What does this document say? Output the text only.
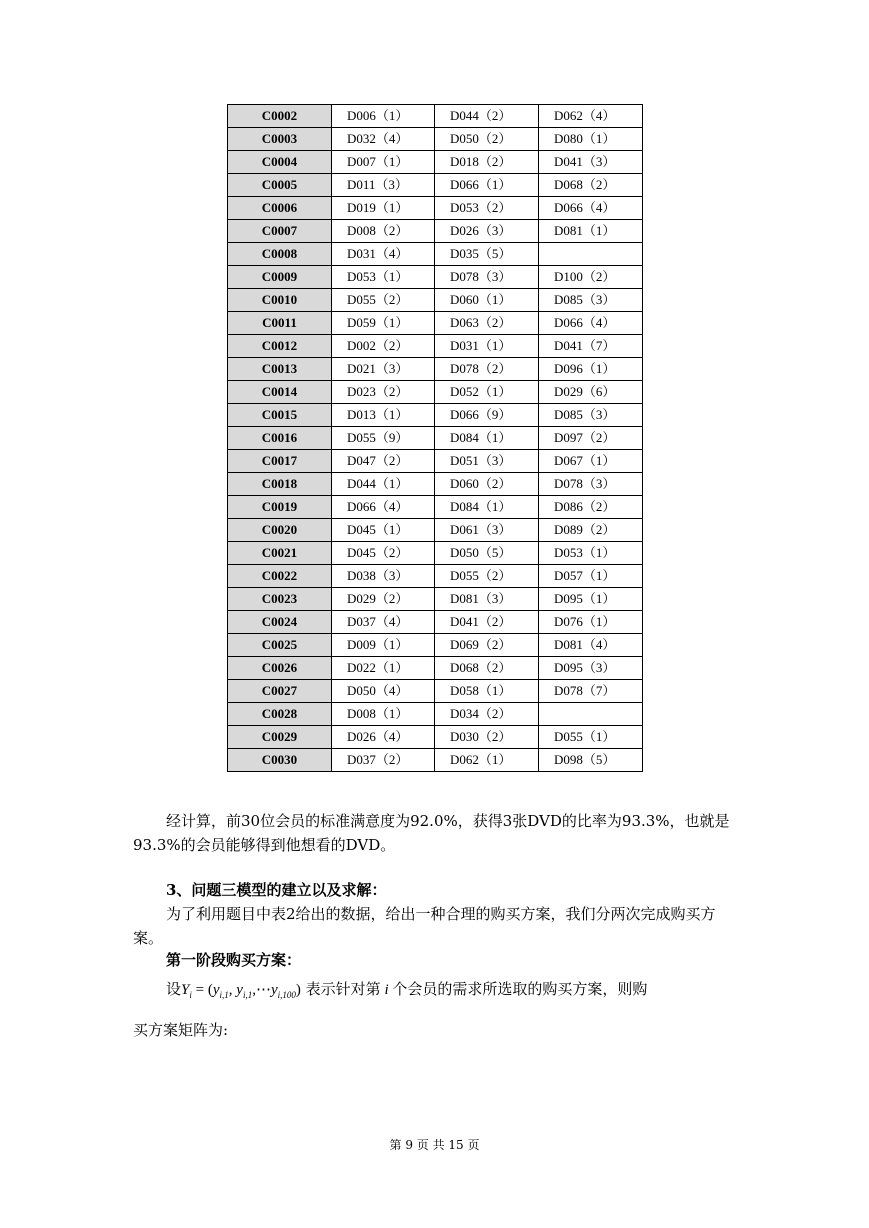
C0002	D006（1）	D044（2）	D062（4）
C0003	D032（4）	D050（2）	D080（1）
C0004	D007（1）	D018（2）	D041（3）
C0005	D011（3）	D066（1）	D068（2）
C0006	D019（1）	D053（2）	D066（4）
C0007	D008（2）	D026（3）	D081（1）
C0008	D031（4）	D035（5）	
C0009	D053（1）	D078（3）	D100（2）
C0010	D055（2）	D060（1）	D085（3）
C0011	D059（1）	D063（2）	D066（4）
C0012	D002（2）	D031（1）	D041（7）
C0013	D021（3）	D078（2）	D096（1）
C0014	D023（2）	D052（1）	D029（6）
C0015	D013（1）	D066（9）	D085（3）
C0016	D055（9）	D084（1）	D097（2）
C0017	D047（2）	D051（3）	D067（1）
C0018	D044（1）	D060（2）	D078（3）
C0019	D066（4）	D084（1）	D086（2）
C0020	D045（1）	D061（3）	D089（2）
C0021	D045（2）	D050（5）	D053（1）
C0022	D038（3）	D055（2）	D057（1）
C0023	D029（2）	D081（3）	D095（1）
C0024	D037（4）	D041（2）	D076（1）
C0025	D009（1）	D069（2）	D081（4）
C0026	D022（1）	D068（2）	D095（3）
C0027	D050（4）	D058（1）	D078（7）
C0028	D008（1）	D034（2）	
C0029	D026（4）	D030（2）	D055（1）
C0030	D037（2）	D062（1）	D098（5）
经计算，前30位会员的标准满意度为92.0%，获得3张DVD的比率为93.3%，也就是93.3%的会员能够得到他想看的DVD。
3、问题三模型的建立以及求解：
为了利用题目中表2给出的数据，给出一种合理的购买方案，我们分两次完成购买方案。
第一阶段购买方案：
设$Y_i = (y_{i,1}$, $y_{i,1},\cdots y_{i,100}$) 表示针对第 i 个会员的需求所选取的购买方案，则购
买方案矩阵为:
第 9 页 共 15 页
